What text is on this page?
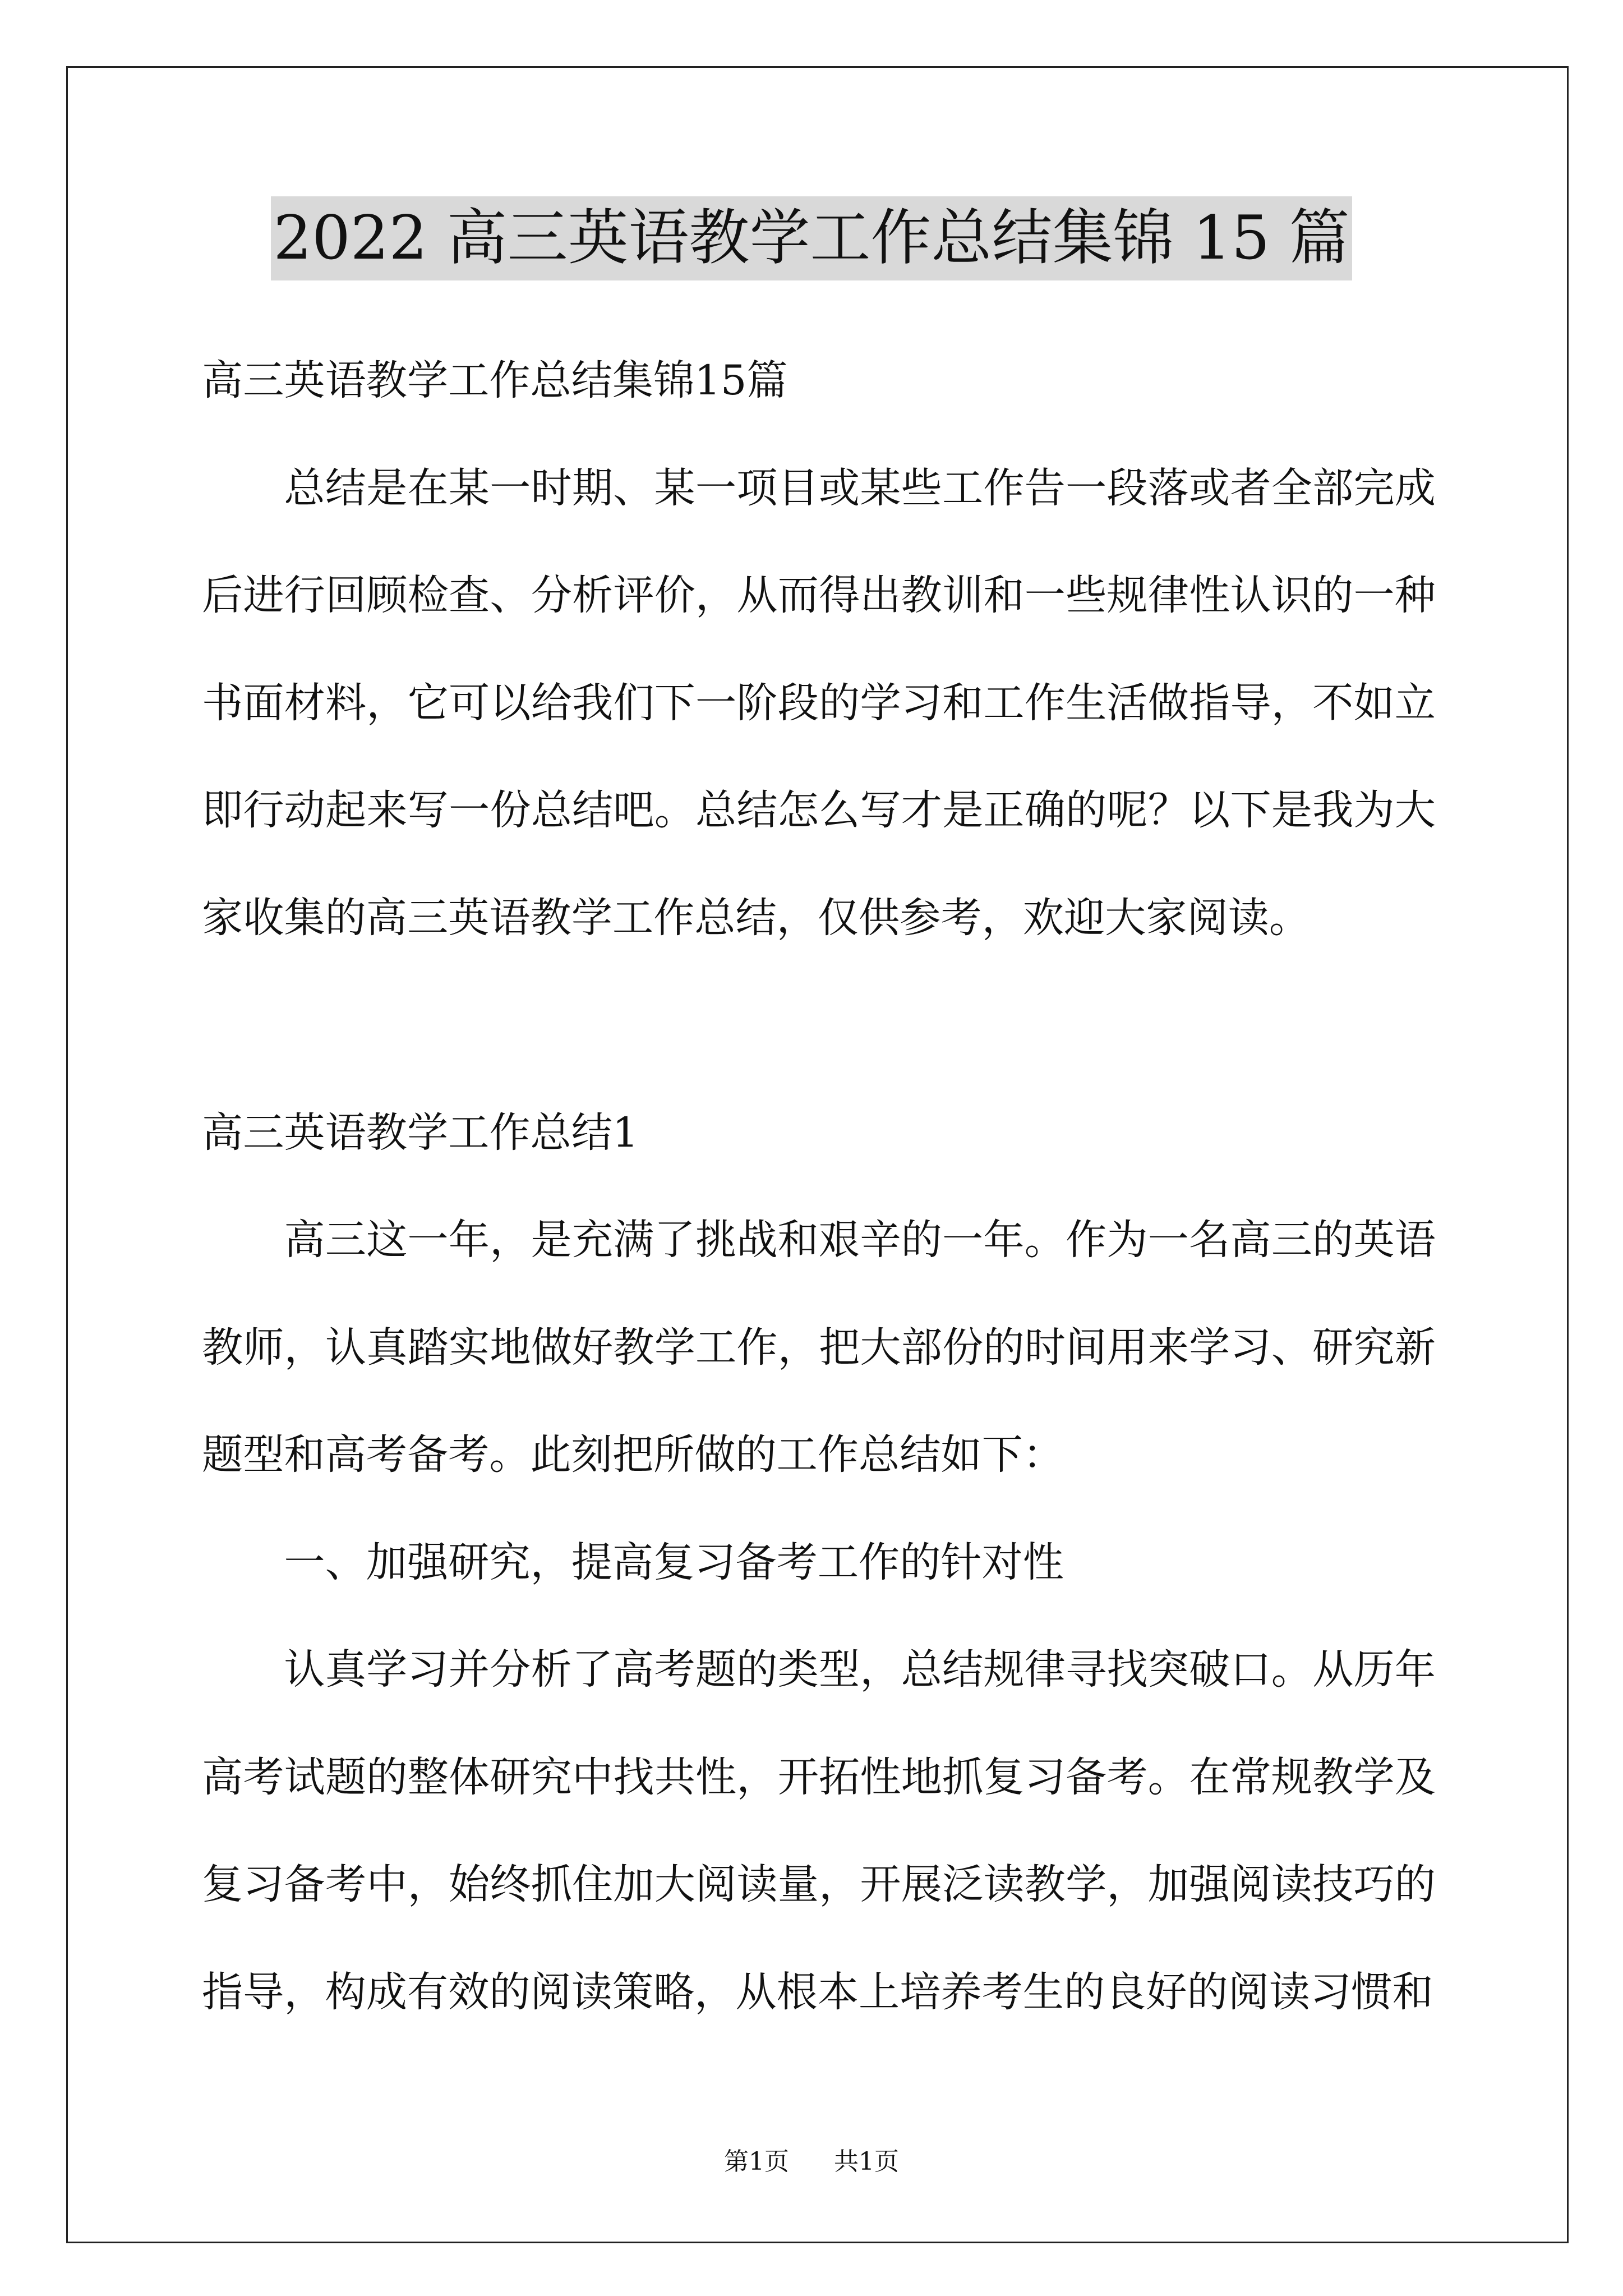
2022 高三英语教学工作总结集锦 15 篇

高三英语教学工作总结集锦15篇

总结是在某一时期、某一项目或某些工作告一段落或者全部完成后进行回顾检查、分析评价，从而得出教训和一些规律性认识的一种书面材料，它可以给我们下一阶段的学习和工作生活做指导，不如立即行动起来写一份总结吧。总结怎么写才是正确的呢？以下是我为大家收集的高三英语教学工作总结，仅供参考，欢迎大家阅读。

高三英语教学工作总结1

高三这一年，是充满了挑战和艰辛的一年。作为一名高三的英语教师，认真踏实地做好教学工作，把大部份的时间用来学习、研究新题型和高考备考。此刻把所做的工作总结如下：

一、加强研究，提高复习备考工作的针对性

认真学习并分析了高考题的类型，总结规律寻找突破口。从历年高考试题的整体研究中找共性，开拓性地抓复习备考。在常规教学及复习备考中，始终抓住加大阅读量，开展泛读教学，加强阅读技巧的指导，构成有效的阅读策略，从根本上培养考生的良好的阅读习惯和

第1页 共1页
